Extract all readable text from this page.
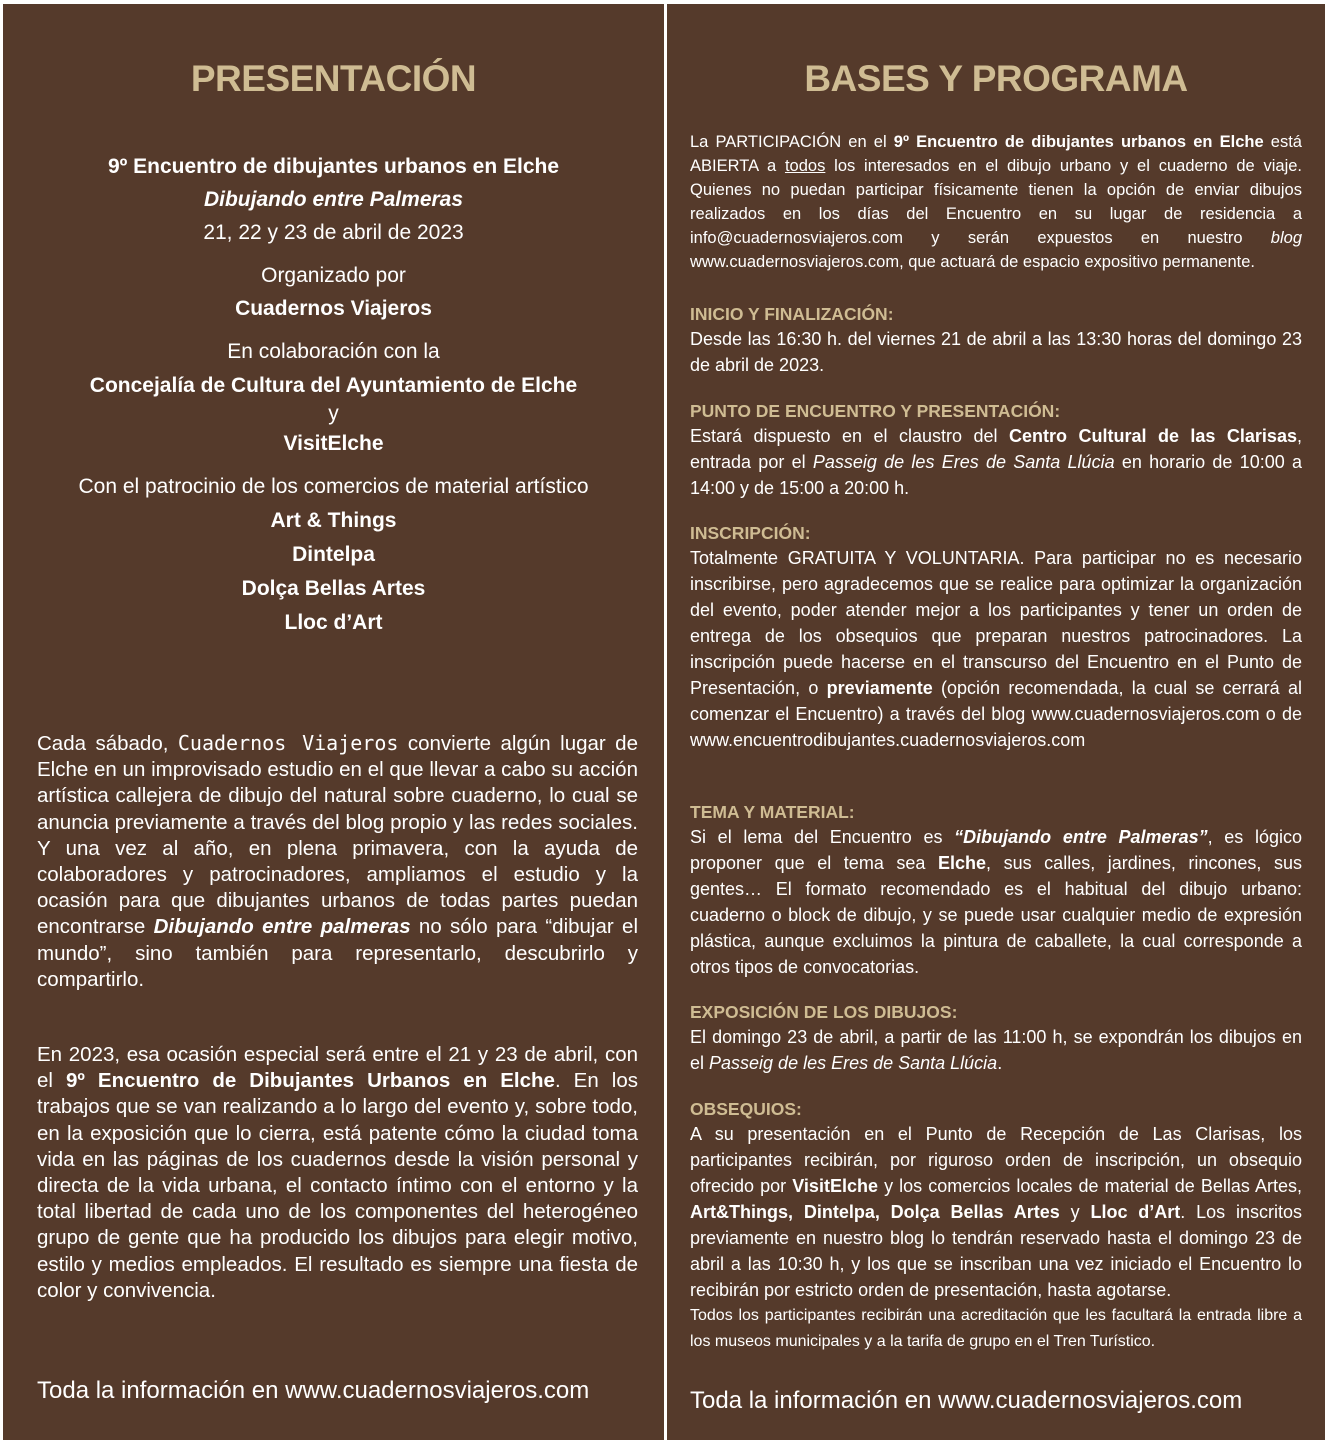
PRESENTACIÓN
9º Encuentro de dibujantes urbanos en Elche
Dibujando entre Palmeras
21, 22 y 23 de abril de 2023
Organizado por
Cuadernos Viajeros
En colaboración con la
Concejalía de Cultura del Ayuntamiento de Elche
y
VisitElche
Con el patrocinio de los comercios de material artístico
Art & Things
Dintelpa
Dolça Bellas Artes
Lloc d’Art

Cada sábado, Cuadernos Viajeros convierte algún lugar de Elche en un improvisado estudio en el que llevar a cabo su acción artística callejera de dibujo del natural sobre cuaderno, lo cual se anuncia previamente a través del blog propio y las redes sociales. Y una vez al año, en plena primavera, con la ayuda de colaboradores y patrocinadores, ampliamos el estudio y la ocasión para que dibujantes urbanos de todas partes puedan encontrarse Dibujando entre palmeras no sólo para “dibujar el mundo”, sino también para representarlo, descubrirlo y compartirlo.

En 2023, esa ocasión especial será entre el 21 y 23 de abril, con el 9º Encuentro de Dibujantes Urbanos en Elche. En los trabajos que se van realizando a lo largo del evento y, sobre todo, en la exposición que lo cierra, está patente cómo la ciudad toma vida en las páginas de los cuadernos desde la visión personal y directa de la vida urbana, el contacto íntimo con el entorno y la total libertad de cada uno de los componentes del heterogéneo grupo de gente que ha producido los dibujos para elegir motivo, estilo y medios empleados. El resultado es siempre una fiesta de color y convivencia.

Toda la información en www.cuadernosviajeros.com

BASES Y PROGRAMA

La PARTICIPACIÓN en el 9º Encuentro de dibujantes urbanos en Elche está ABIERTA a todos los interesados en el dibujo urbano y el cuaderno de viaje. Quienes no puedan participar físicamente tienen la opción de enviar dibujos realizados en los días del Encuentro en su lugar de residencia a info@cuadernosviajeros.com y serán expuestos en nuestro blog www.cuadernosviajeros.com, que actuará de espacio expositivo permanente.

INICIO Y FINALIZACIÓN:
Desde las 16:30 h. del viernes 21 de abril a las 13:30 horas del domingo 23 de abril de 2023.
PUNTO DE ENCUENTRO Y PRESENTACIÓN:
Estará dispuesto en el claustro del Centro Cultural de las Clarisas, entrada por el Passeig de les Eres de Santa Llúcia en horario de 10:00 a 14:00 y de 15:00 a 20:00 h.
INSCRIPCIÓN:
Totalmente GRATUITA Y VOLUNTARIA. Para participar no es necesario inscribirse, pero agradecemos que se realice para optimizar la organización del evento, poder atender mejor a los participantes y tener un orden de entrega de los obsequios que preparan nuestros patrocinadores. La inscripción puede hacerse en el transcurso del Encuentro en el Punto de Presentación, o previamente (opción recomendada, la cual se cerrará al comenzar el Encuentro) a través del blog www.cuadernosviajeros.com o de
www.encuentrodibujantes.cuadernosviajeros.com
TEMA Y MATERIAL:
Si el lema del Encuentro es “Dibujando entre Palmeras”, es lógico proponer que el tema sea Elche, sus calles, jardines, rincones, sus gentes… El formato recomendado es el habitual del dibujo urbano: cuaderno o block de dibujo, y se puede usar cualquier medio de expresión plástica, aunque excluimos la pintura de caballete, la cual corresponde a otros tipos de convocatorias.
EXPOSICIÓN DE LOS DIBUJOS:
El domingo 23 de abril, a partir de las 11:00 h, se expondrán los dibujos en el Passeig de les Eres de Santa Llúcia.
OBSEQUIOS:
A su presentación en el Punto de Recepción de Las Clarisas, los participantes recibirán, por riguroso orden de inscripción, un obsequio ofrecido por VisitElche y los comercios locales de material de Bellas Artes, Art&Things, Dintelpa, Dolça Bellas Artes y Lloc d’Art. Los inscritos previamente en nuestro blog lo tendrán reservado hasta el domingo 23 de abril a las 10:30 h, y los que se inscriban una vez iniciado el Encuentro lo recibirán por estricto orden de presentación, hasta agotarse.
Todos los participantes recibirán una acreditación que les facultará la entrada libre a los museos municipales y a la tarifa de grupo en el Tren Turístico.

Toda la información en www.cuadernosviajeros.com
